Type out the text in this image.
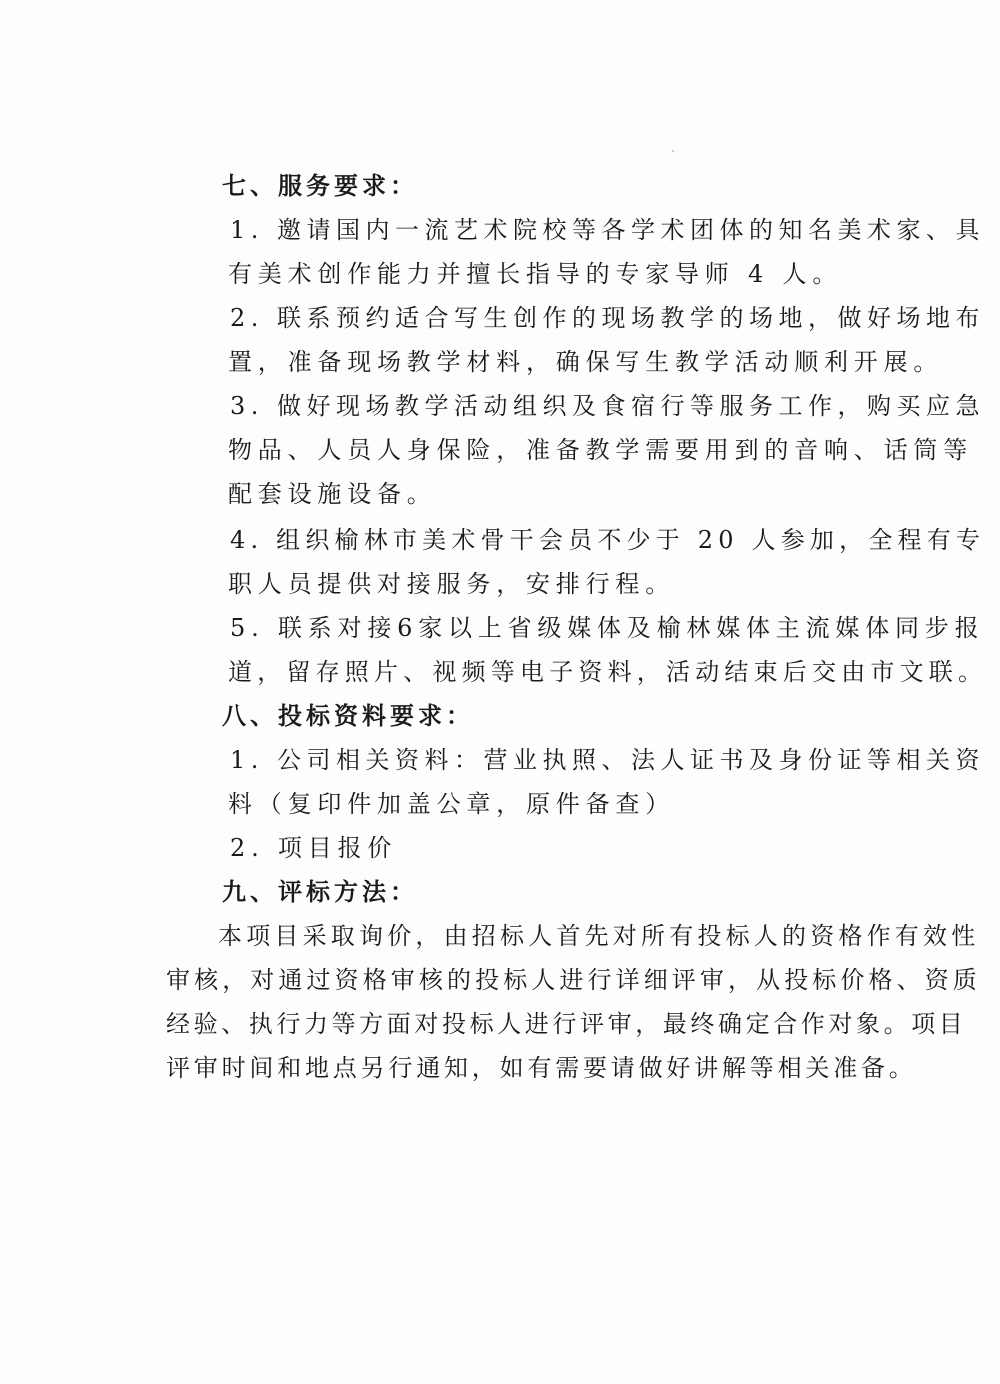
七、服务要求：

1. 邀请国内一流艺术院校等各学术团体的知名美术家、具

有美术创作能力并擅长指导的专家导师 4 人。

2. 联系预约适合写生创作的现场教学的场地，做好场地布

置，准备现场教学材料，确保写生教学活动顺利开展。

3. 做好现场教学活动组织及食宿行等服务工作，购买应急

物品、人员人身保险，准备教学需要用到的音响、话筒等

配套设施设备。

4. 组织榆林市美术骨干会员不少于 20 人参加，全程有专

职人员提供对接服务，安排行程。

5. 联系对接6家以上省级媒体及榆林媒体主流媒体同步报

道，留存照片、视频等电子资料，活动结束后交由市文联。

八、投标资料要求：

1. 公司相关资料：营业执照、法人证书及身份证等相关资

料（复印件加盖公章，原件备查）

2. 项目报价

九、评标方法：

本项目采取询价，由招标人首先对所有投标人的资格作有效性

审核，对通过资格审核的投标人进行详细评审，从投标价格、资质

经验、执行力等方面对投标人进行评审，最终确定合作对象。项目

评审时间和地点另行通知，如有需要请做好讲解等相关准备。
